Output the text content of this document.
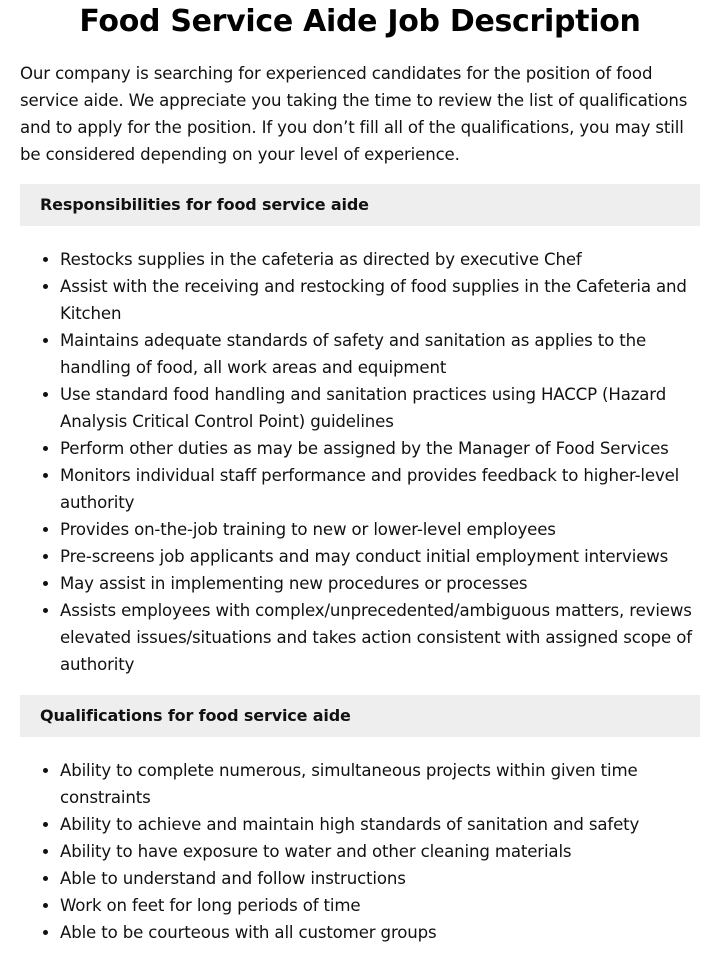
Food Service Aide Job Description

Our company is searching for experienced candidates for the position of food service aide. We appreciate you taking the time to review the list of qualifications and to apply for the position. If you don’t fill all of the qualifications, you may still be considered depending on your level of experience.

Responsibilities for food service aide
• Restocks supplies in the cafeteria as directed by executive Chef
• Assist with the receiving and restocking of food supplies in the Cafeteria and Kitchen
• Maintains adequate standards of safety and sanitation as applies to the handling of food, all work areas and equipment
• Use standard food handling and sanitation practices using HACCP (Hazard Analysis Critical Control Point) guidelines
• Perform other duties as may be assigned by the Manager of Food Services
• Monitors individual staff performance and provides feedback to higher-level authority
• Provides on-the-job training to new or lower-level employees
• Pre-screens job applicants and may conduct initial employment interviews
• May assist in implementing new procedures or processes
• Assists employees with complex/unprecedented/ambiguous matters, reviews elevated issues/situations and takes action consistent with assigned scope of authority
Qualifications for food service aide
• Ability to complete numerous, simultaneous projects within given time constraints
• Ability to achieve and maintain high standards of sanitation and safety
• Ability to have exposure to water and other cleaning materials
• Able to understand and follow instructions
• Work on feet for long periods of time
• Able to be courteous with all customer groups
